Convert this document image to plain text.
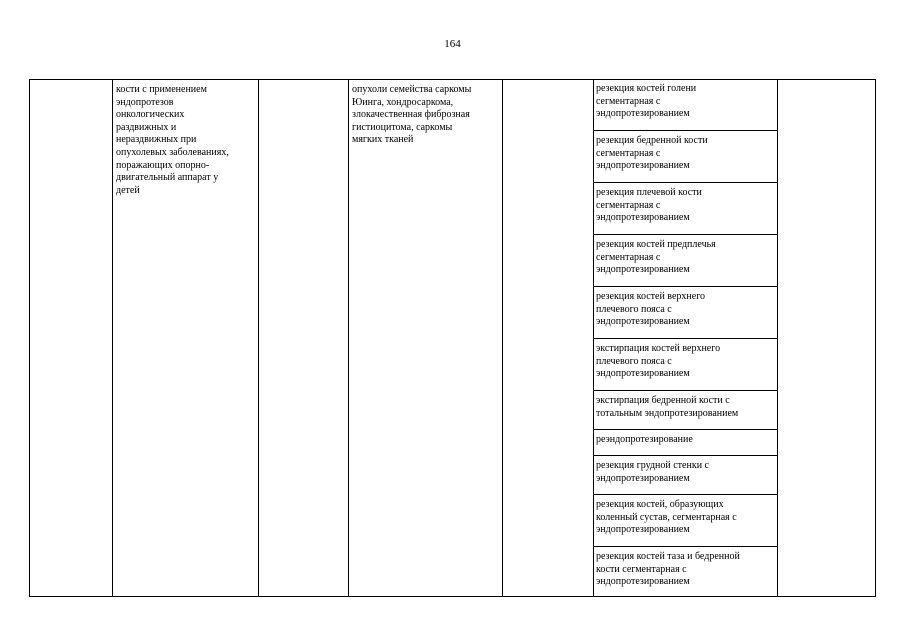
164
кости с применением
эндопротезов
онкологических
раздвижных и
нераздвижных при
опухолевых заболеваниях,
поражающих опорно-
двигательный аппарат у
детей
опухоли семейства саркомы
Юинга, хондросаркома,
злокачественная фиброзная
гистиоцитома, саркомы
мягких тканей
резекция костей голени
сегментарная с
эндопротезированием
резекция бедренной кости
сегментарная с
эндопротезированием
резекция плечевой кости
сегментарная с
эндопротезированием
резекция костей предплечья
сегментарная с
эндопротезированием
резекция костей верхнего
плечевого пояса с
эндопротезированием
экстирпация костей верхнего
плечевого пояса с
эндопротезированием
экстирпация бедренной кости с
тотальным эндопротезированием
реэндопротезирование
резекция грудной стенки с
эндопротезированием
резекция костей, образующих
коленный сустав, сегментарная с
эндопротезированием
резекция костей таза и бедренной
кости сегментарная с
эндопротезированием
